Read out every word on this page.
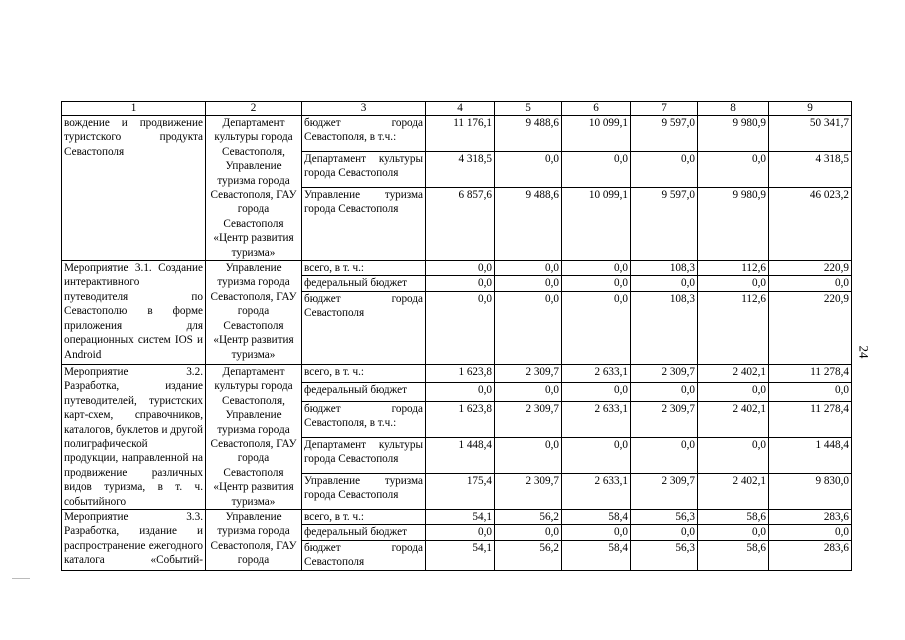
1	2	3	4	5	6	7	8	9
вождение и продвижение туристского продукта Севастополя	Департамент культуры города Севастополя, Управление туризма города Севастополя, ГАУ города Севастополя «Центр развития туризма»	бюджет города Севастополя, в т.ч.:	11 176,1	9 488,6	10 099,1	9 597,0	9 980,9	50 341,7
		Департамент культуры города Севастополя	4 318,5	0,0	0,0	0,0	0,0	4 318,5
		Управление туризма города Севастополя	6 857,6	9 488,6	10 099,1	9 597,0	9 980,9	46 023,2
Мероприятие 3.1. Создание интерактивного путеводителя по Севастополю в форме приложения для операционных систем IOS и Android	Управление туризма города Севастополя, ГАУ города Севастополя «Центр развития туризма»	всего, в т. ч.:	0,0	0,0	0,0	108,3	112,6	220,9
		федеральный бюджет	0,0	0,0	0,0	0,0	0,0	0,0
		бюджет города Севастополя	0,0	0,0	0,0	108,3	112,6	220,9
Мероприятие 3.2. Разработка, издание путеводителей, туристских карт-схем, справочников, каталогов, буклетов и другой полиграфической продукции, направленной на продвижение различных видов туризма, в т. ч. событийного	Департамент культуры города Севастополя, Управление туризма города Севастополя, ГАУ города Севастополя «Центр развития туризма»	всего, в т. ч.:	1 623,8	2 309,7	2 633,1	2 309,7	2 402,1	11 278,4
		федеральный бюджет	0,0	0,0	0,0	0,0	0,0	0,0
		бюджет города Севастополя, в т.ч.:	1 623,8	2 309,7	2 633,1	2 309,7	2 402,1	11 278,4
		Департамент культуры города Севастополя	1 448,4	0,0	0,0	0,0	0,0	1 448,4
		Управление туризма города Севастополя	175,4	2 309,7	2 633,1	2 309,7	2 402,1	9 830,0
Мероприятие 3.3. Разработка, издание и распространение ежегодного каталога «Событий-	Управление туризма города Севастополя, ГАУ города	всего, в т. ч.:	54,1	56,2	58,4	56,3	58,6	283,6
		федеральный бюджет	0,0	0,0	0,0	0,0	0,0	0,0
		бюджет города Севастополя	54,1	56,2	58,4	56,3	58,6	283,6
24
